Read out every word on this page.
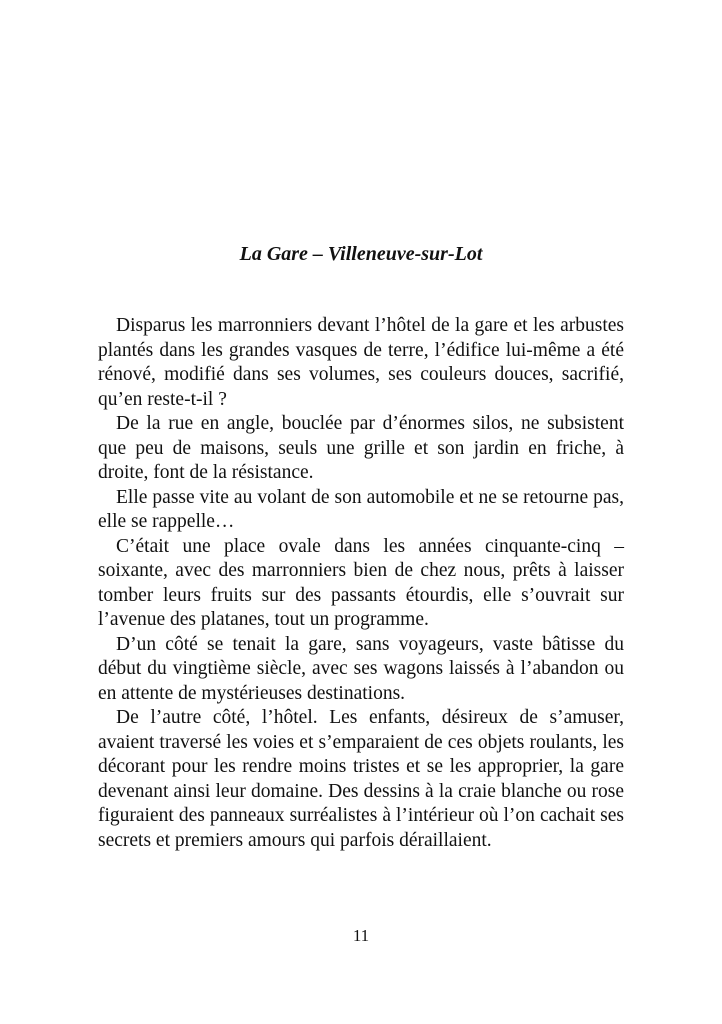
La Gare – Villeneuve-sur-Lot

Disparus les marronniers devant l’hôtel de la gare et les arbustes plantés dans les grandes vasques de terre, l’édifice lui-même a été rénové, modifié dans ses volumes, ses couleurs douces, sacrifié, qu’en reste-t-il ?

De la rue en angle, bouclée par d’énormes silos, ne subsistent que peu de maisons, seuls une grille et son jardin en friche, à droite, font de la résistance.

Elle passe vite au volant de son automobile et ne se retourne pas, elle se rappelle…

C’était une place ovale dans les années cinquante-cinq – soixante, avec des marronniers bien de chez nous, prêts à laisser tomber leurs fruits sur des passants étourdis, elle s’ouvrait sur l’avenue des platanes, tout un programme.

D’un côté se tenait la gare, sans voyageurs, vaste bâtisse du début du vingtième siècle, avec ses wagons laissés à l’abandon ou en attente de mystérieuses destinations.

De l’autre côté, l’hôtel. Les enfants, désireux de s’amuser, avaient traversé les voies et s’emparaient de ces objets roulants, les décorant pour les rendre moins tristes et se les approprier, la gare devenant ainsi leur domaine. Des dessins à la craie blanche ou rose figuraient des panneaux surréalistes à l’intérieur où l’on cachait ses secrets et premiers amours qui parfois déraillaient.

11
